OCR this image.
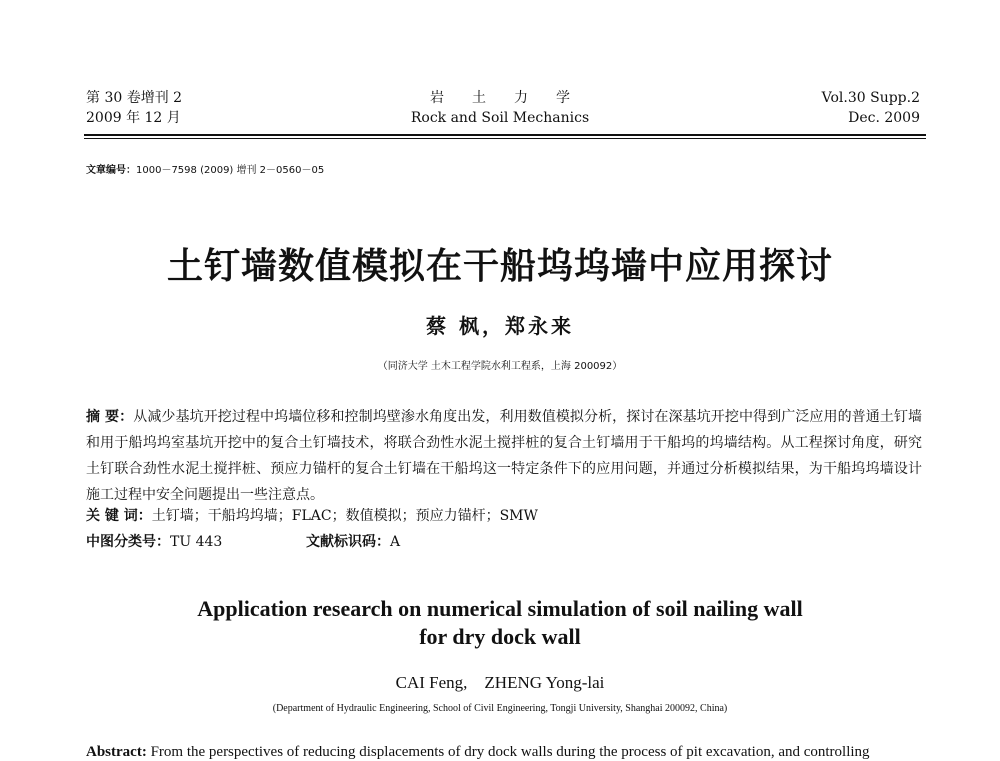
第 30 卷增刊 2
2009 年 12 月
岩土力学
Rock and Soil Mechanics
Vol.30 Supp.2
Dec. 2009
文章编号：1000－7598 (2009) 增刊 2－0560－05
土钉墙数值模拟在干船坞坞墙中应用探讨
蔡 枫，郑永来
（同济大学 土木工程学院水利工程系，上海 200092）
摘 要：从减少基坑开挖过程中坞墙位移和控制坞壁渗水角度出发，利用数值模拟分析，探讨在深基坑开挖中得到广泛应用的普通土钉墙和用于船坞坞室基坑开挖中的复合土钉墙技术，将联合劲性水泥土搅拌桩的复合土钉墙用于干船坞的坞墙结构。从工程探讨角度，研究土钉联合劲性水泥土搅拌桩、预应力锚杆的复合土钉墙在干船坞这一特定条件下的应用问题，并通过分析模拟结果，为干船坞坞墙设计施工过程中安全问题提出一些注意点。
关 键 词：土钉墙；干船坞坞墙；FLAC；数值模拟；预应力锚杆；SMW
中图分类号：TU 443	文献标识码：A
Application research on numerical simulation of soil nailing wall
for dry dock wall
CAI Feng,    ZHENG Yong-lai
(Department of Hydraulic Engineering, School of Civil Engineering, Tongji University, Shanghai 200092, China)
Abstract: From the perspectives of reducing displacements of dry dock walls during the process of pit excavation, and controlling
